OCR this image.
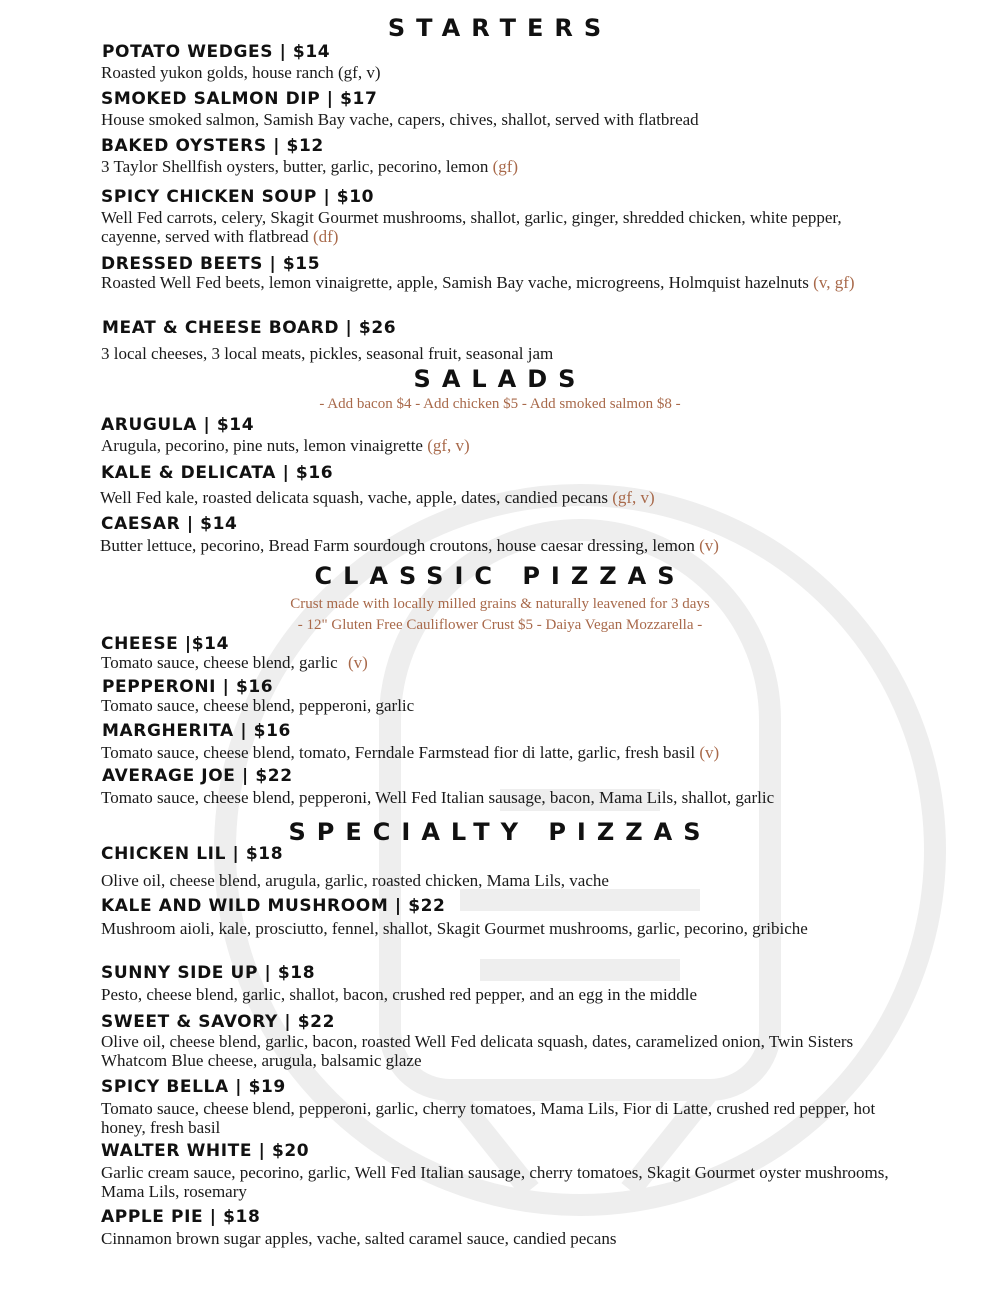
STARTERS
POTATO WEDGES | $14
Roasted yukon golds, house ranch (gf, v)
SMOKED SALMON DIP | $17
House smoked salmon, Samish Bay vache, capers, chives, shallot, served with flatbread
BAKED OYSTERS | $12
3 Taylor Shellfish oysters, butter, garlic, pecorino, lemon (gf)
SPICY CHICKEN SOUP | $10
Well Fed carrots, celery, Skagit Gourmet mushrooms, shallot, garlic, ginger, shredded chicken, white pepper, cayenne, served with flatbread (df)
DRESSED BEETS | $15
Roasted Well Fed beets, lemon vinaigrette, apple, Samish Bay vache, microgreens, Holmquist hazelnuts (v, gf)
MEAT & CHEESE BOARD | $26
3 local cheeses, 3 local meats, pickles, seasonal fruit, seasonal jam
SALADS
- Add bacon $4 - Add chicken $5 - Add smoked salmon $8 -
ARUGULA | $14
Arugula, pecorino, pine nuts, lemon vinaigrette (gf, v)
KALE & DELICATA | $16
Well Fed kale, roasted delicata squash, vache, apple, dates, candied pecans (gf, v)
CAESAR | $14
Butter lettuce, pecorino, Bread Farm sourdough croutons, house caesar dressing, lemon (v)
CLASSIC PIZZAS
Crust made with locally milled grains & naturally leavened for 3 days
- 12" Gluten Free Cauliflower Crust $5 - Daiya Vegan Mozzarella -
CHEESE |$14
Tomato sauce, cheese blend, garlic (v)
PEPPERONI | $16
Tomato sauce, cheese blend, pepperoni, garlic
MARGHERITA | $16
Tomato sauce, cheese blend, tomato, Ferndale Farmstead fior di latte, garlic, fresh basil (v)
AVERAGE JOE | $22
Tomato sauce, cheese blend, pepperoni, Well Fed Italian sausage, bacon, Mama Lils, shallot, garlic
SPECIALTY PIZZAS
CHICKEN LIL | $18
Olive oil, cheese blend, arugula, garlic, roasted chicken, Mama Lils, vache
KALE AND WILD MUSHROOM | $22
Mushroom aioli, kale, prosciutto, fennel, shallot, Skagit Gourmet mushrooms, garlic, pecorino, gribiche
SUNNY SIDE UP | $18
Pesto, cheese blend, garlic, shallot, bacon, crushed red pepper, and an egg in the middle
SWEET & SAVORY | $22
Olive oil, cheese blend, garlic, bacon, roasted Well Fed delicata squash, dates, caramelized onion, Twin Sisters Whatcom Blue cheese, arugula, balsamic glaze
SPICY BELLA | $19
Tomato sauce, cheese blend, pepperoni, garlic, cherry tomatoes, Mama Lils, Fior di Latte, crushed red pepper, hot honey, fresh basil
WALTER WHITE | $20
Garlic cream sauce, pecorino, garlic, Well Fed Italian sausage, cherry tomatoes, Skagit Gourmet oyster mushrooms, Mama Lils, rosemary
APPLE PIE | $18
Cinnamon brown sugar apples, vache, salted caramel sauce, candied pecans
